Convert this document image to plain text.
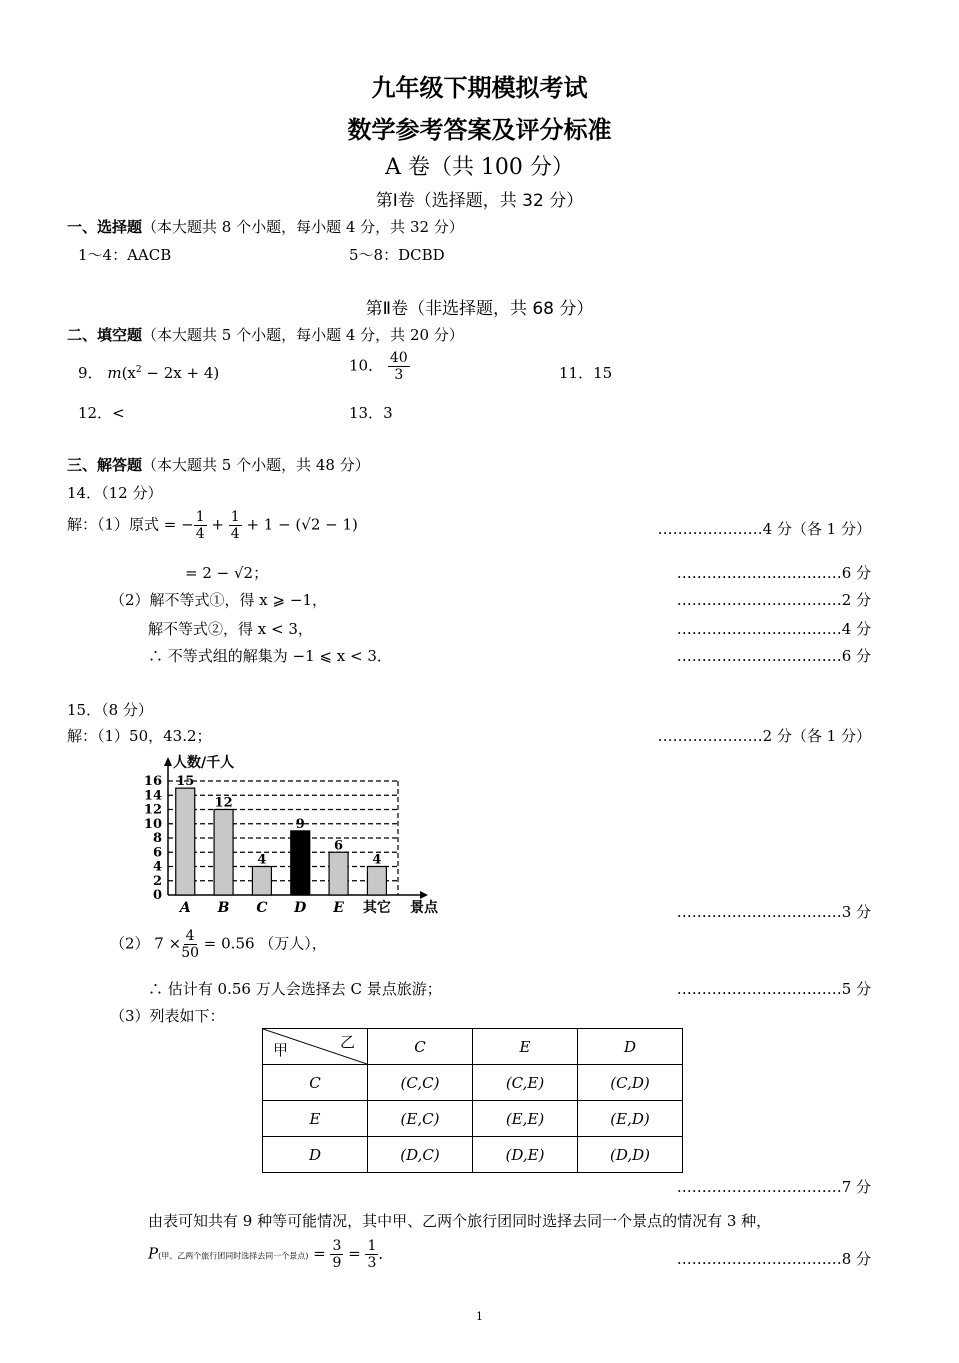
九年级下期模拟考试
数学参考答案及评分标准
A 卷（共 100 分）
第Ⅰ卷（选择题，共 32 分）
一、选择题（本大题共 8 个小题，每小题 4 分，共 32 分）
1～4：AACB	5～8：DCBD
第Ⅱ卷（非选择题，共 68 分）
二、填空题（本大题共 5 个小题，每小题 4 分，共 20 分）
9． $m(x^2 - 2x + 4)$	10． $\frac{40}{3}$	11．15
12．<	13．3
三、解答题（本大题共 5 个小题，共 48 分）
14．（12 分）
解：（1）原式 = − $\frac{1}{4} + \frac{1}{4} + 1 - (√2 - 1)$	…………………4 分（各 1 分）
= 2 − √2；	……………………………6 分
（2）解不等式①，得 x ⩾ −1，	……………………………2 分
解不等式②，得 x < 3，	……………………………4 分
∴ 不等式组的解集为 −1 ⩽ x < 3．	……………………………6 分
15．（8 分）
解：（1）50，43.2；	…………………2 分（各 1 分）
0
2
4
6
8
10
12
14
16
人数/千人
景点
15
A
12
B
4
C
9
D
6
E
4
其它	……………………………3 分
（2） $7 \times \frac{4}{50} = 0.56$ （万人），
∴ 估计有 0.56 万人会选择去 C 景点旅游；	……………………………5 分
（3）列表如下：
乙
甲	C	E	D
C	(C,C)	(C,E)	(C,D)
E	(E,C)	(E,E)	(E,D)
D	(D,C)	(D,E)	(D,D)
……………………………7 分
由表可知共有 9 种等可能情况，其中甲、乙两个旅行团同时选择去同一个景点的情况有 3 种，
P(甲、乙两个旅行团同时选择去同一个景点) = $\frac{3}{9} = \frac{1}{3}$ ．	……………………………8 分
1
